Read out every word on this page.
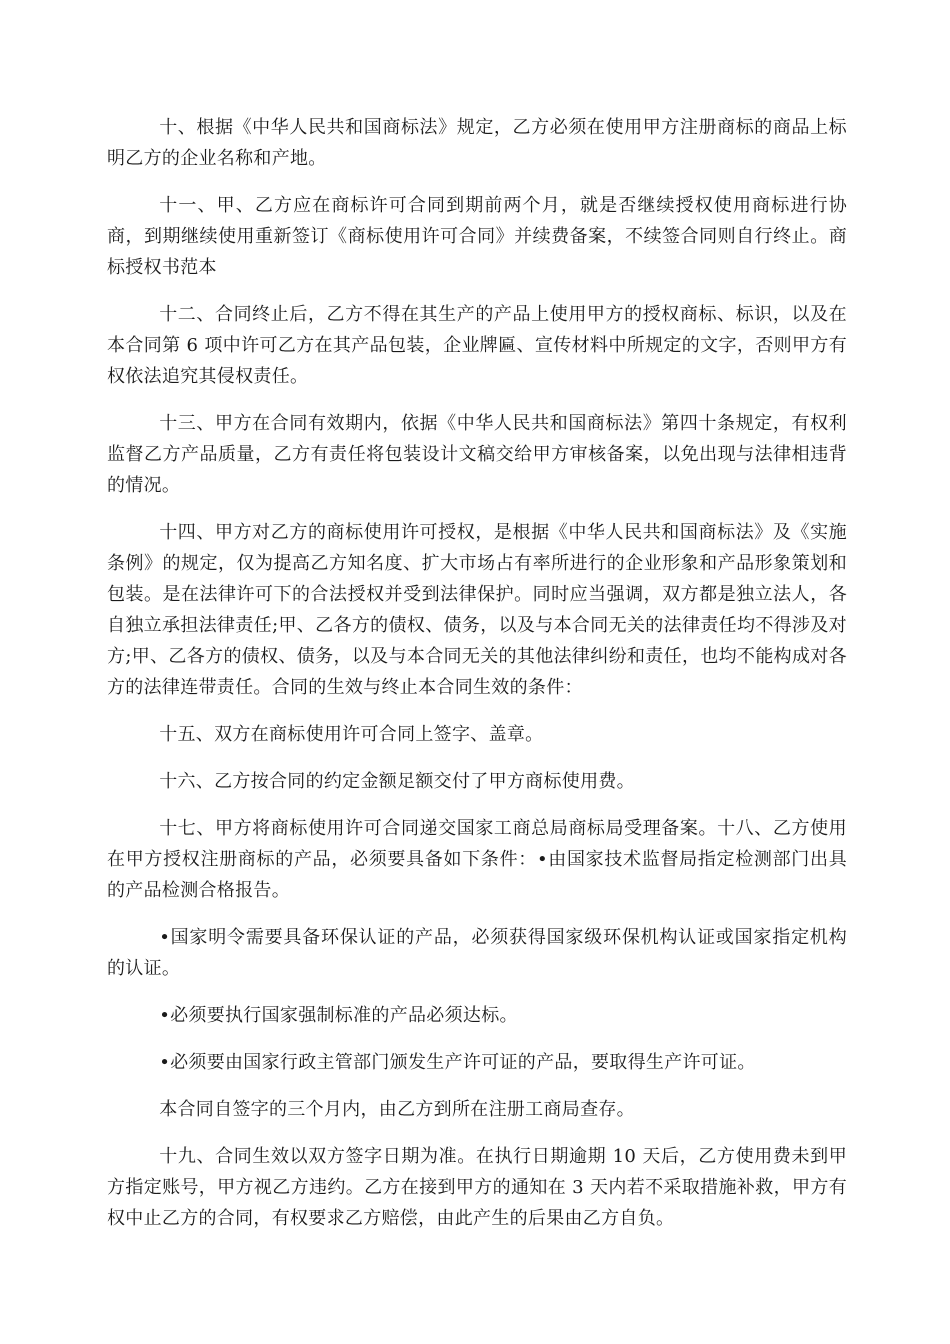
十、根据《中华人民共和国商标法》规定，乙方必须在使用甲方注册商标的商品上标明乙方的企业名称和产地。

十一、甲、乙方应在商标许可合同到期前两个月，就是否继续授权使用商标进行协商，到期继续使用重新签订《商标使用许可合同》并续费备案，不续签合同则自行终止。商标授权书范本

十二、合同终止后，乙方不得在其生产的产品上使用甲方的授权商标、标识，以及在本合同第 6 项中许可乙方在其产品包装，企业牌匾、宣传材料中所规定的文字，否则甲方有权依法追究其侵权责任。

十三、甲方在合同有效期内，依据《中华人民共和国商标法》第四十条规定，有权利监督乙方产品质量，乙方有责任将包装设计文稿交给甲方审核备案，以免出现与法律相违背的情况。

十四、甲方对乙方的商标使用许可授权，是根据《中华人民共和国商标法》及《实施条例》的规定，仅为提高乙方知名度、扩大市场占有率所进行的企业形象和产品形象策划和包装。是在法律许可下的合法授权并受到法律保护。同时应当强调，双方都是独立法人，各自独立承担法律责任;甲、乙各方的债权、债务，以及与本合同无关的法律责任均不得涉及对方;甲、乙各方的债权、债务，以及与本合同无关的其他法律纠纷和责任，也均不能构成对各方的法律连带责任。合同的生效与终止本合同生效的条件：

十五、双方在商标使用许可合同上签字、盖章。

十六、乙方按合同的约定金额足额交付了甲方商标使用费。

十七、甲方将商标使用许可合同递交国家工商总局商标局受理备案。十八、乙方使用在甲方授权注册商标的产品，必须要具备如下条件：•由国家技术监督局指定检测部门出具的产品检测合格报告。

•国家明令需要具备环保认证的产品，必须获得国家级环保机构认证或国家指定机构的认证。

•必须要执行国家强制标准的产品必须达标。

•必须要由国家行政主管部门颁发生产许可证的产品，要取得生产许可证。

本合同自签字的三个月内，由乙方到所在注册工商局查存。

十九、合同生效以双方签字日期为准。在执行日期逾期 10 天后，乙方使用费未到甲方指定账号，甲方视乙方违约。乙方在接到甲方的通知在 3 天内若不采取措施补救，甲方有权中止乙方的合同，有权要求乙方赔偿，由此产生的后果由乙方自负。
